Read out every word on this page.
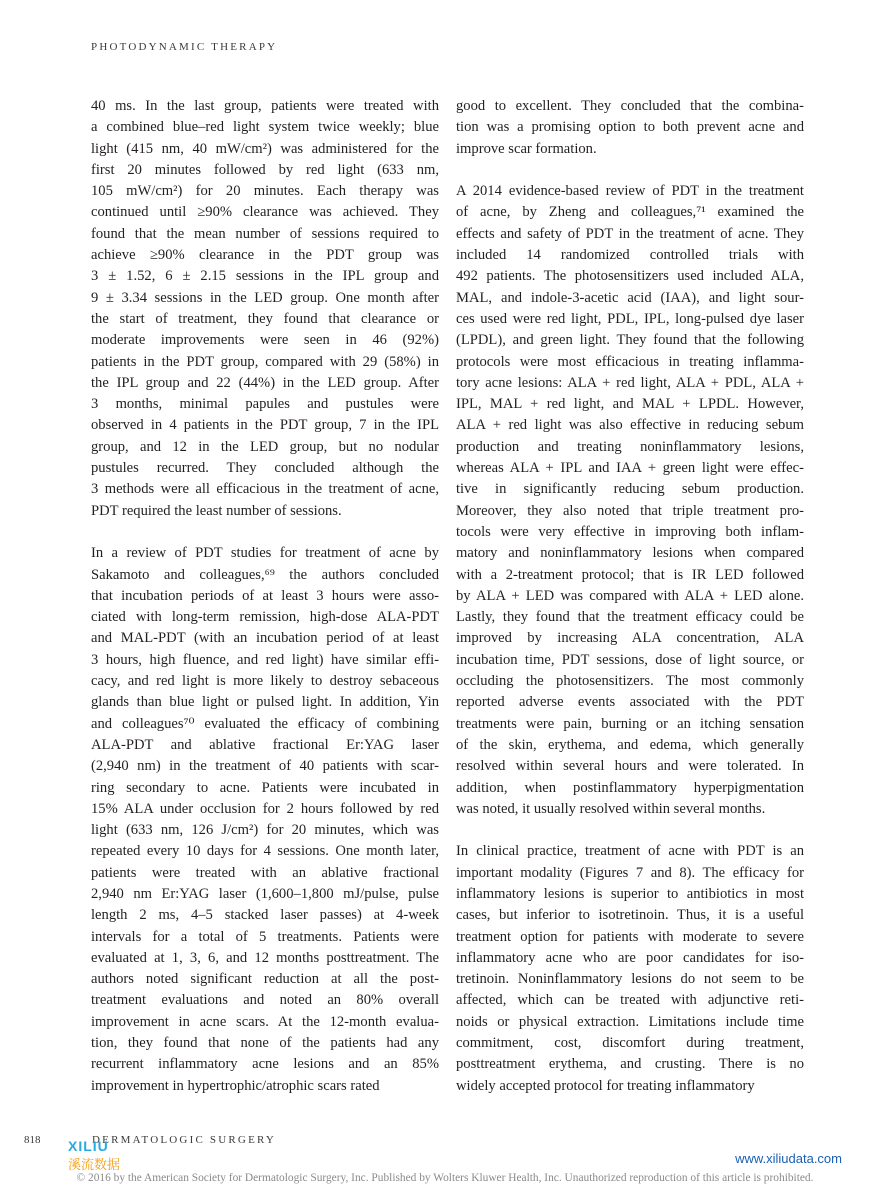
PHOTODYNAMIC THERAPY

40 ms. In the last group, patients were treated with
a combined blue–red light system twice weekly; blue
light (415 nm, 40 mW/cm²) was administered for the
first 20 minutes followed by red light (633 nm,
105 mW/cm²) for 20 minutes. Each therapy was
continued until ≥90% clearance was achieved. They
found that the mean number of sessions required to
achieve ≥90% clearance in the PDT group was
3 ± 1.52, 6 ± 2.15 sessions in the IPL group and
9 ± 3.34 sessions in the LED group. One month after
the start of treatment, they found that clearance or
moderate improvements were seen in 46 (92%)
patients in the PDT group, compared with 29 (58%) in
the IPL group and 22 (44%) in the LED group. After
3 months, minimal papules and pustules were
observed in 4 patients in the PDT group, 7 in the IPL
group, and 12 in the LED group, but no nodular
pustules recurred. They concluded although the
3 methods were all efficacious in the treatment of acne,
PDT required the least number of sessions.

In a review of PDT studies for treatment of acne by
Sakamoto and colleagues,⁶⁹ the authors concluded
that incubation periods of at least 3 hours were asso-
ciated with long-term remission, high-dose ALA-PDT
and MAL-PDT (with an incubation period of at least
3 hours, high fluence, and red light) have similar effi-
cacy, and red light is more likely to destroy sebaceous
glands than blue light or pulsed light. In addition, Yin
and colleagues⁷⁰ evaluated the efficacy of combining
ALA-PDT and ablative fractional Er:YAG laser
(2,940 nm) in the treatment of 40 patients with scar-
ring secondary to acne. Patients were incubated in
15% ALA under occlusion for 2 hours followed by red
light (633 nm, 126 J/cm²) for 20 minutes, which was
repeated every 10 days for 4 sessions. One month later,
patients were treated with an ablative fractional
2,940 nm Er:YAG laser (1,600–1,800 mJ/pulse, pulse
length 2 ms, 4–5 stacked laser passes) at 4-week
intervals for a total of 5 treatments. Patients were
evaluated at 1, 3, 6, and 12 months posttreatment. The
authors noted significant reduction at all the post-
treatment evaluations and noted an 80% overall
improvement in acne scars. At the 12-month evalua-
tion, they found that none of the patients had any
recurrent inflammatory acne lesions and an 85%
improvement in hypertrophic/atrophic scars rated

good to excellent. They concluded that the combina-
tion was a promising option to both prevent acne and
improve scar formation.

A 2014 evidence-based review of PDT in the treatment
of acne, by Zheng and colleagues,⁷¹ examined the
effects and safety of PDT in the treatment of acne. They
included 14 randomized controlled trials with
492 patients. The photosensitizers used included ALA,
MAL, and indole-3-acetic acid (IAA), and light sour-
ces used were red light, PDL, IPL, long-pulsed dye laser
(LPDL), and green light. They found that the following
protocols were most efficacious in treating inflamma-
tory acne lesions: ALA + red light, ALA + PDL, ALA +
IPL, MAL + red light, and MAL + LPDL. However,
ALA + red light was also effective in reducing sebum
production and treating noninflammatory lesions,
whereas ALA + IPL and IAA + green light were effec-
tive in significantly reducing sebum production.
Moreover, they also noted that triple treatment pro-
tocols were very effective in improving both inflam-
matory and noninflammatory lesions when compared
with a 2-treatment protocol; that is IR LED followed
by ALA + LED was compared with ALA + LED alone.
Lastly, they found that the treatment efficacy could be
improved by increasing ALA concentration, ALA
incubation time, PDT sessions, dose of light source, or
occluding the photosensitizers. The most commonly
reported adverse events associated with the PDT
treatments were pain, burning or an itching sensation
of the skin, erythema, and edema, which generally
resolved within several hours and were tolerated. In
addition, when postinflammatory hyperpigmentation
was noted, it usually resolved within several months.

In clinical practice, treatment of acne with PDT is an
important modality (Figures 7 and 8). The efficacy for
inflammatory lesions is superior to antibiotics in most
cases, but inferior to isotretinoin. Thus, it is a useful
treatment option for patients with moderate to severe
inflammatory acne who are poor candidates for iso-
tretinoin. Noninflammatory lesions do not seem to be
affected, which can be treated with adjunctive reti-
noids or physical extraction. Limitations include time
commitment, cost, discomfort during treatment,
posttreatment erythema, and crusting. There is no
widely accepted protocol for treating inflammatory

818	DERMATOLOGIC SURGERY
XILIU
溪流数据	www.xiliudata.com
© 2016 by the American Society for Dermatologic Surgery, Inc. Published by Wolters Kluwer Health, Inc. Unauthorized reproduction of this article is prohibited.
